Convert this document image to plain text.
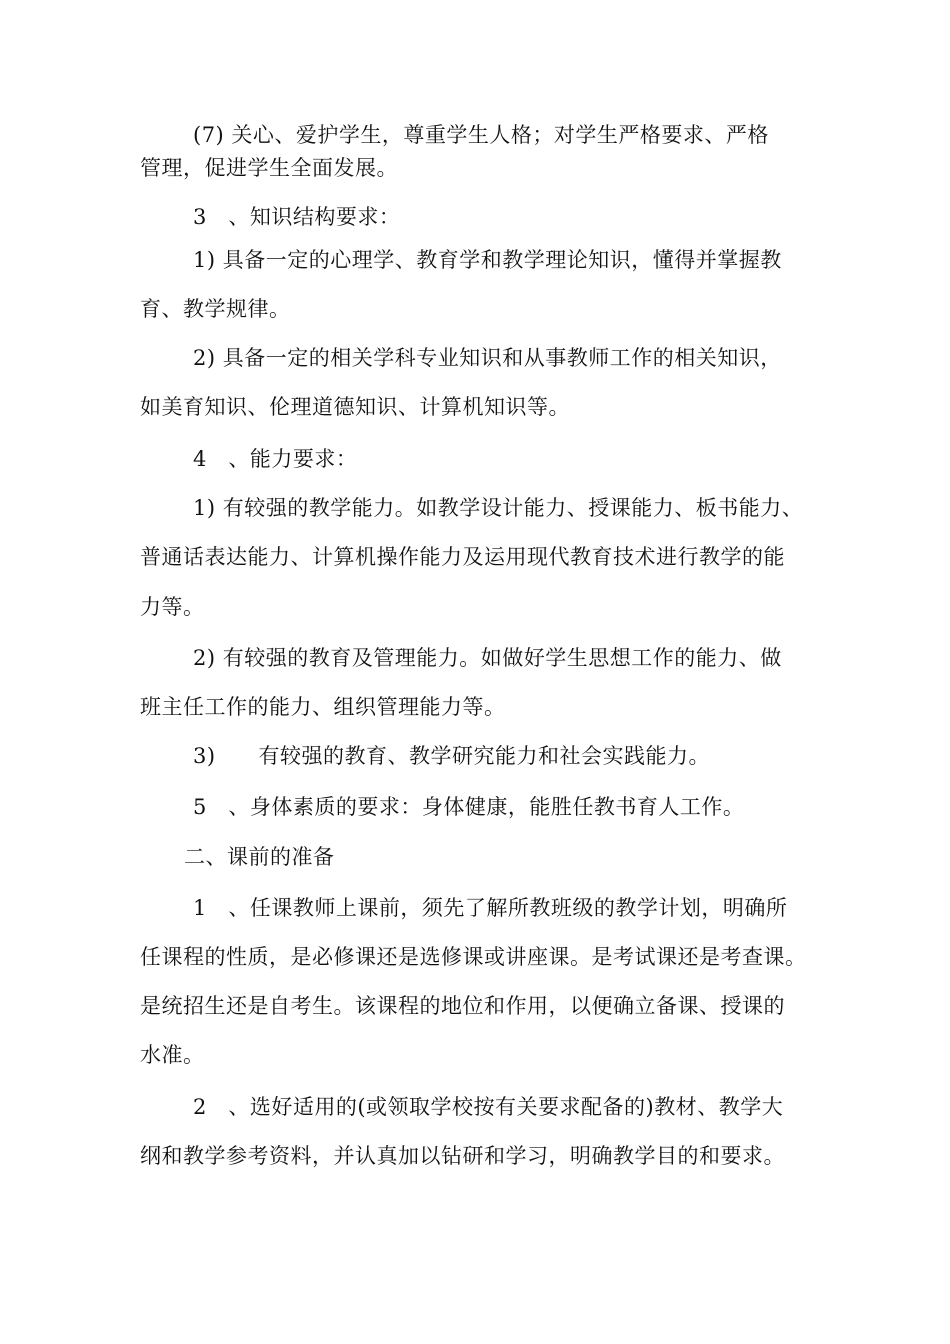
(7) 关心、爱护学生，尊重学生人格；对学生严格要求、严格
管理，促进学生全面发展。
3　、知识结构要求：
1) 具备一定的心理学、教育学和教学理论知识，懂得并掌握教
育、教学规律。
2) 具备一定的相关学科专业知识和从事教师工作的相关知识，
如美育知识、伦理道德知识、计算机知识等。
4　、能力要求：
1) 有较强的教学能力。如教学设计能力、授课能力、板书能力、
普通话表达能力、计算机操作能力及运用现代教育技术进行教学的能
力等。
2) 有较强的教育及管理能力。如做好学生思想工作的能力、做
班主任工作的能力、组织管理能力等。
3)　　有较强的教育、教学研究能力和社会实践能力。
5　、身体素质的要求：身体健康，能胜任教书育人工作。
二、课前的准备
1　、任课教师上课前，须先了解所教班级的教学计划，明确所
任课程的性质，是必修课还是选修课或讲座课。是考试课还是考查课。
是统招生还是自考生。该课程的地位和作用，以便确立备课、授课的
水准。
2　、选好适用的(或领取学校按有关要求配备的)教材、教学大
纲和教学参考资料，并认真加以钻研和学习，明确教学目的和要求。
